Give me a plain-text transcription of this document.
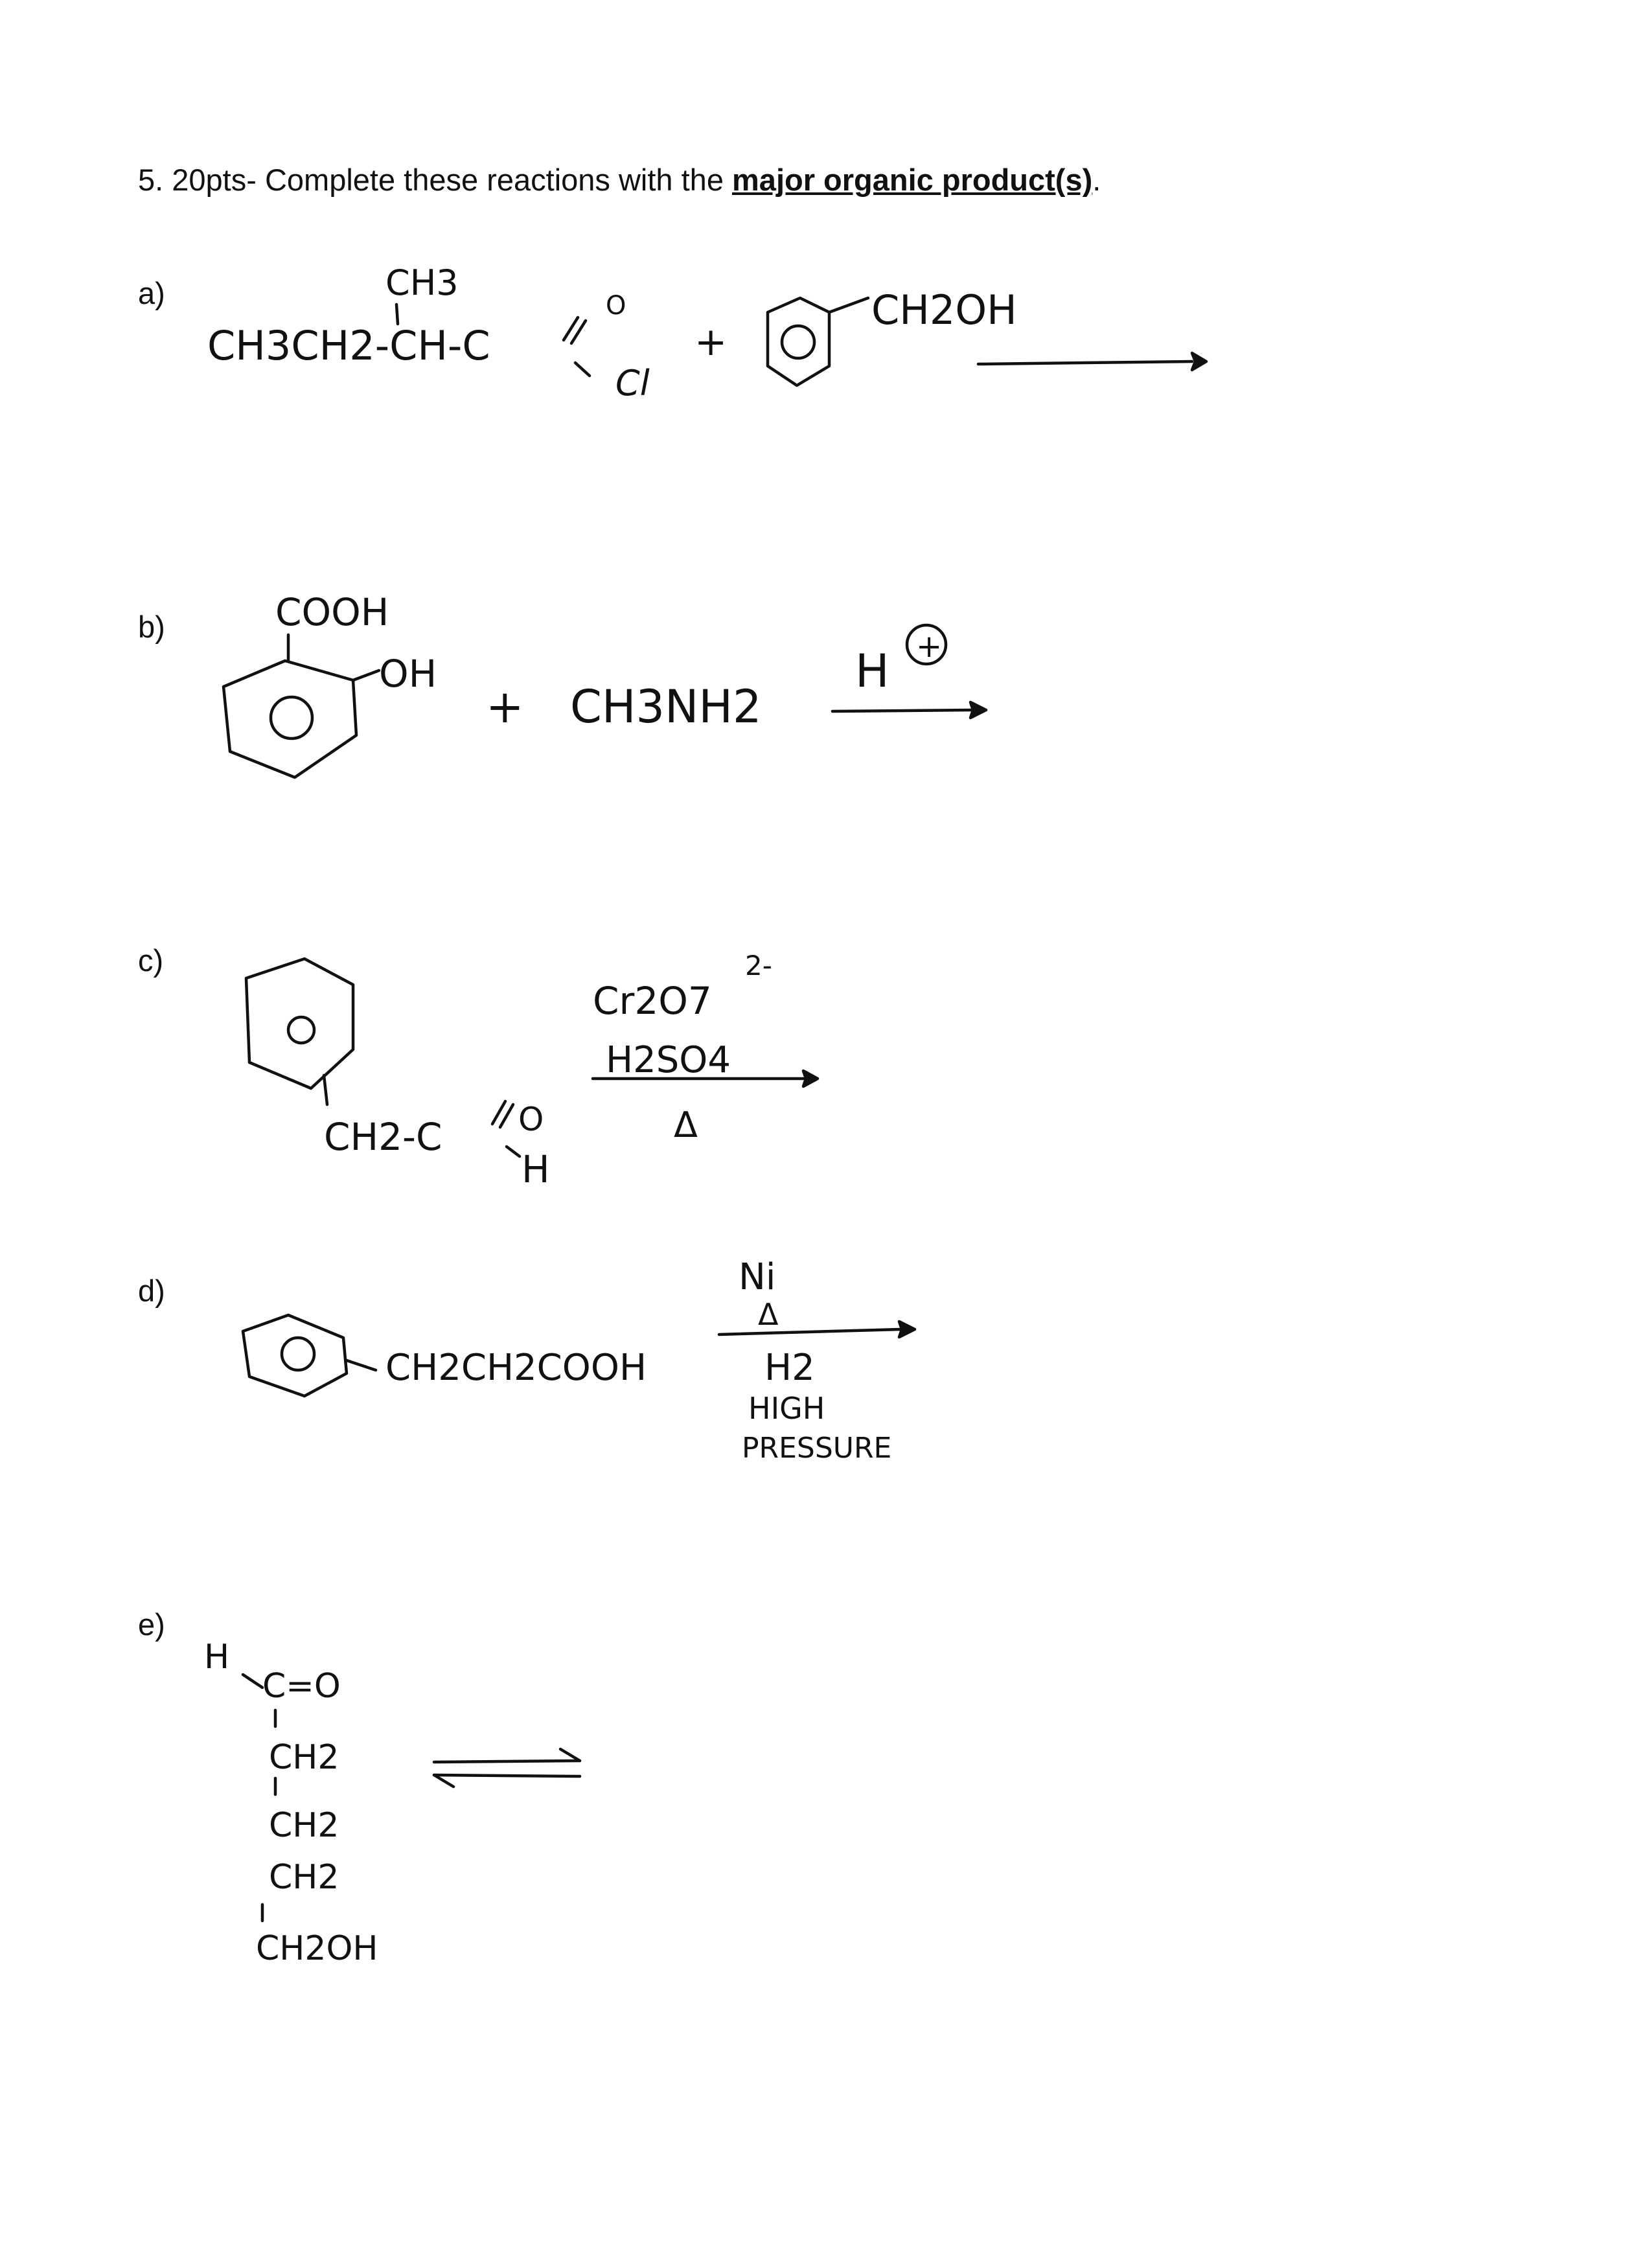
5. 20pts- Complete these reactions with the major organic product(s).
a)
b)
c)
d)
e)
CH3
CH3CH2-CH-C
O
Cl
+
CH2OH
COOH
OH
+ CH3NH2
H +
CH2-C O
H
2-
Cr2O7
H2SO4
Δ
CH2CH2COOH
Ni
Δ
H2
HIGH
PRESSURE
H
C=O
CH2
CH2
CH2
CH2OH
